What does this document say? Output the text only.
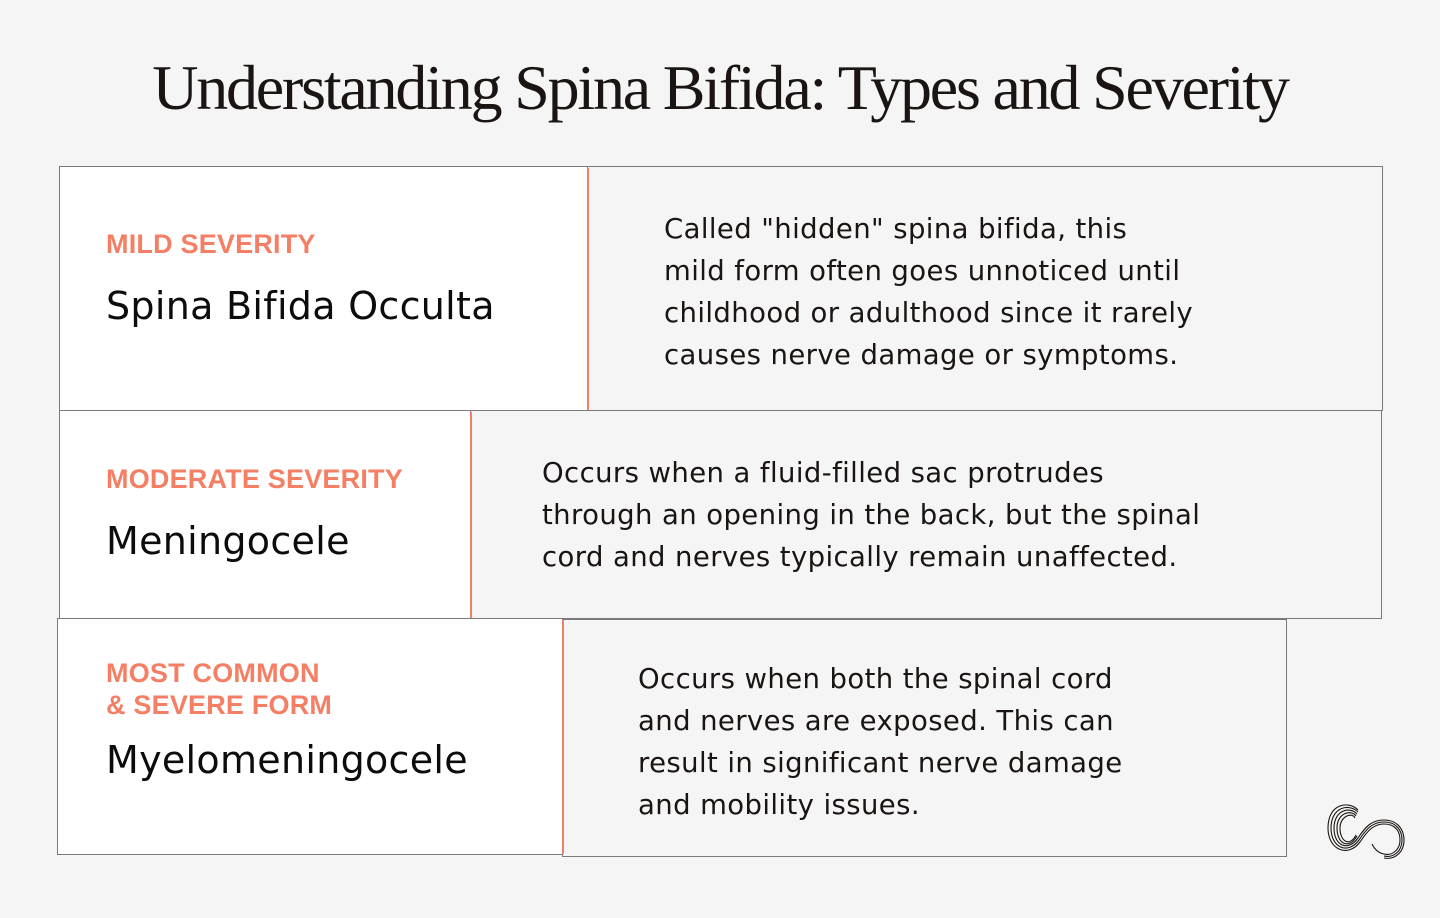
Understanding Spina Bifida: Types and Severity
MILD SEVERITY
Spina Bifida Occulta
Called "hidden" spina bifida, this
mild form often goes unnoticed until
childhood or adulthood since it rarely
causes nerve damage or symptoms.
MODERATE SEVERITY
Meningocele
Occurs when a fluid-filled sac protrudes
through an opening in the back, but the spinal
cord and nerves typically remain unaffected.
MOST COMMON
& SEVERE FORM
Myelomeningocele
Occurs when both the spinal cord
and nerves are exposed. This can
result in significant nerve damage
and mobility issues.
